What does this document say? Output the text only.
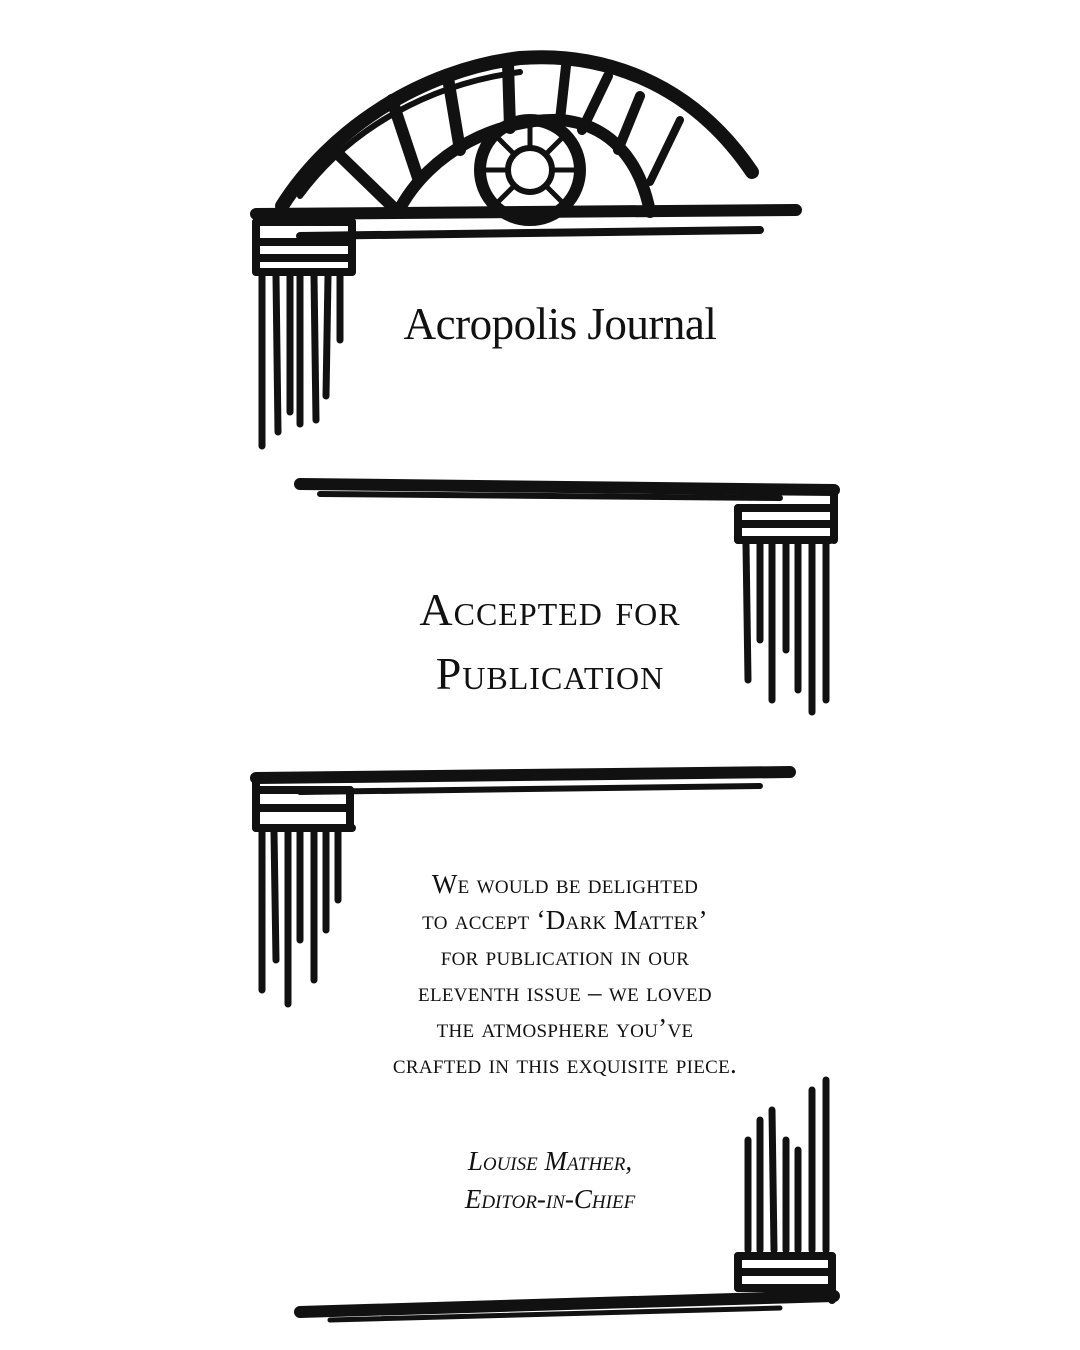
Acropolis Journal
Accepted for
Publication
We would be delighted
to accept ‘Dark Matter’
for publication in our
eleventh issue – we loved
the atmosphere you’ve
crafted in this exquisite piece.
Louise Mather,
Editor-in-Chief
